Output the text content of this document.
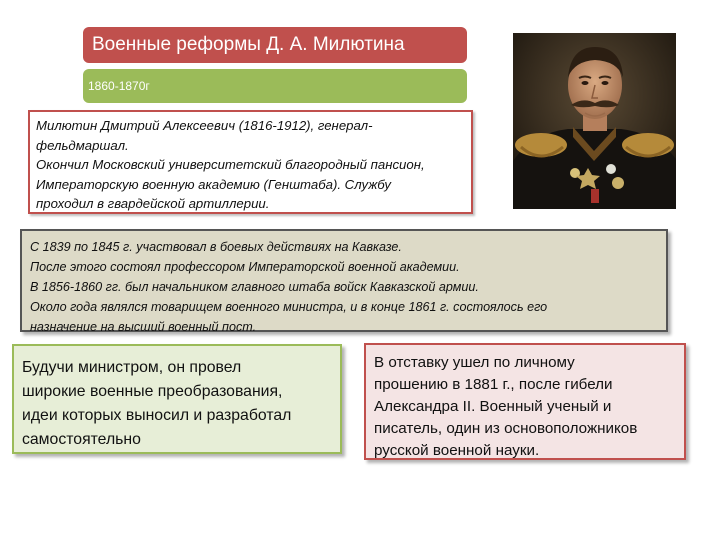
Военные реформы Д. А. Милютина
1860-1870г
Милютин Дмитрий Алексеевич (1816-1912), генерал-
фельдмаршал.
Окончил Московский университетский благородный пансион,
Императорскую военную академию (Генштаба). Службу
проходил в гвардейской артиллерии.
С 1839 по 1845 г. участвовал в боевых действиях на Кавказе.
После этого состоял профессором Императорской военной академии.
В 1856-1860 гг. был начальником главного штаба войск Кавказской армии.
Около года являлся товарищем военного министра, и в конце 1861 г. состоялось его
назначение на высший военный пост.
Будучи министром, он провел
широкие военные преобразования,
идеи которых выносил и разработал
самостоятельно
В отставку ушел по личному
прошению в 1881 г., после гибели
Александра II. Военный ученый и
писатель, один из основоположников
русской военной науки.
